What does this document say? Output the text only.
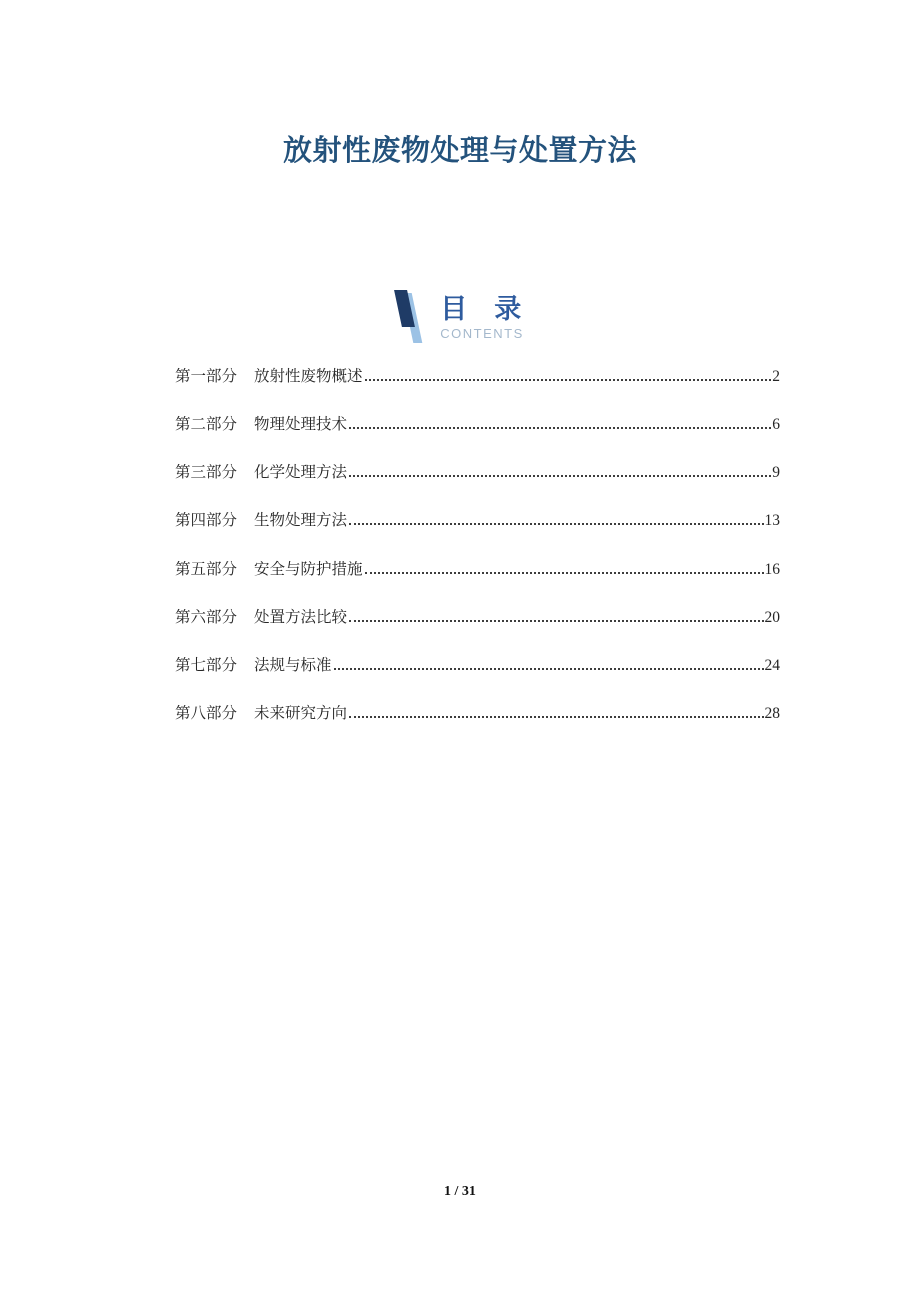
放射性废物处理与处置方法
目　录
CONTENTS
第一部分 放射性废物概述	2
第二部分 物理处理技术	6
第三部分 化学处理方法	9
第四部分 生物处理方法	13
第五部分 安全与防护措施	16
第六部分 处置方法比较	20
第七部分 法规与标准	24
第八部分 未来研究方向	28
1 / 31
